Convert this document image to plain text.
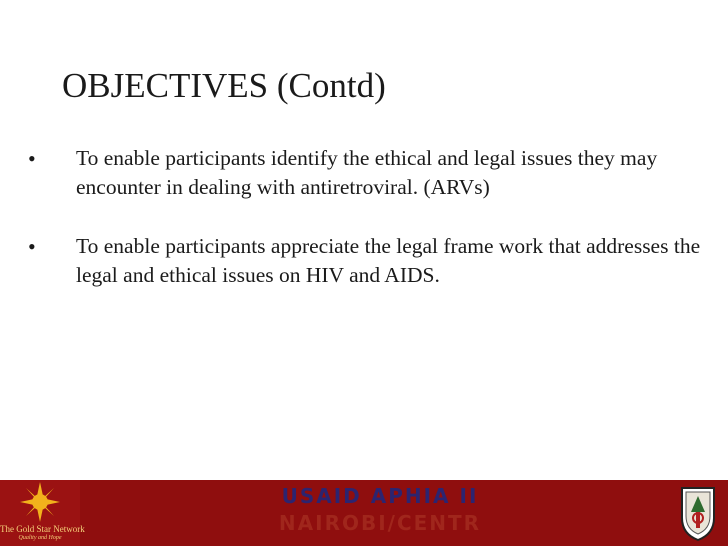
OBJECTIVES (Contd)
• To enable participants identify the ethical and legal issues they may encounter in dealing with antiretroviral. (ARVs)
• To enable participants appreciate the legal frame work that addresses the legal and ethical issues on HIV and AIDS.
The Gold Star Network
Quality and Hope
USAID APHIA II
NAIROBI/CENTR
